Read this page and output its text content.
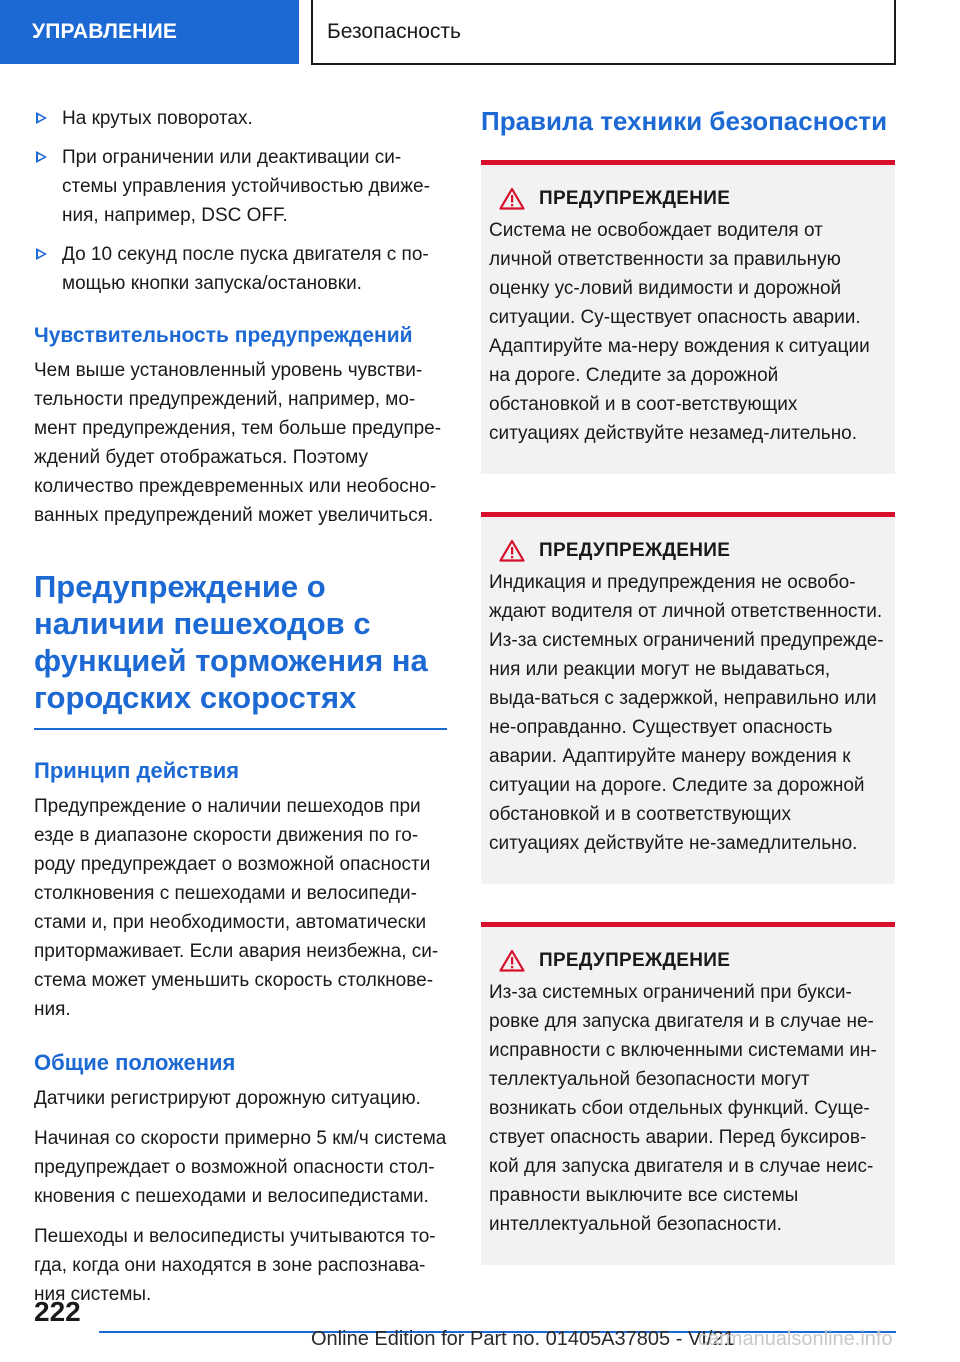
УПРАВЛЕНИЕ	Безопасность
На крутых поворотах.
При ограничении или деактивации си-стемы управления устойчивостью движе-ния, например, DSC OFF.
До 10 секунд после пуска двигателя с по-мощью кнопки запуска/остановки.
Чувствительность предупреждений

Чем выше установленный уровень чувстви-тельности предупреждений, например, мо-мент предупреждения, тем больше предупре-ждений будет отображаться. Поэтому количество преждевременных или необосно-ванных предупреждений может увеличиться.

Предупреждение о наличии пешеходов с функцией торможения на городских скоростях
Принцип действия

Предупреждение о наличии пешеходов при езде в диапазоне скорости движения по го-роду предупреждает о возможной опасности столкновения с пешеходами и велосипеди-стами и, при необходимости, автоматически притормаживает. Если авария неизбежна, си-стема может уменьшить скорость столкнове-ния.

Общие положения

Датчики регистрируют дорожную ситуацию.

Начиная со скорости примерно 5 км/ч система предупреждает о возможной опасности стол-кновения с пешеходами и велосипедистами.

Пешеходы и велосипедисты учитываются то-гда, когда они находятся в зоне распознава-ния системы.

Правила техники безопасности
ПРЕДУПРЕЖДЕНИЕ
Система не освобождает водителя от личной ответственности за правильную оценку ус-ловий видимости и дорожной ситуации. Су-ществует опасность аварии. Адаптируйте ма-неру вождения к ситуации на дороге. Следите за дорожной обстановкой и в соот-ветствующих ситуациях действуйте незамед-лительно.
ПРЕДУПРЕЖДЕНИЕ
Индикация и предупреждения не освобо-ждают водителя от личной ответственности. Из-за системных ограничений предупрежде-ния или реакции могут не выдаваться, выда-ваться с задержкой, неправильно или не-оправданно. Существует опасность аварии. Адаптируйте манеру вождения к ситуации на дороге. Следите за дорожной обстановкой и в соответствующих ситуациях действуйте не-замедлительно.
ПРЕДУПРЕЖДЕНИЕ
Из-за системных ограничений при букси-ровке для запуска двигателя и в случае не-исправности с включенными системами ин-теллектуальной безопасности могут возникать сбои отдельных функций. Суще-ствует опасность аварии. Перед буксиров-кой для запуска двигателя и в случае неис-правности выключите все системы интеллектуальной безопасности.
222
Online Edition for Part no. 01405A37805 - VI/21
carmanualsonline.info
